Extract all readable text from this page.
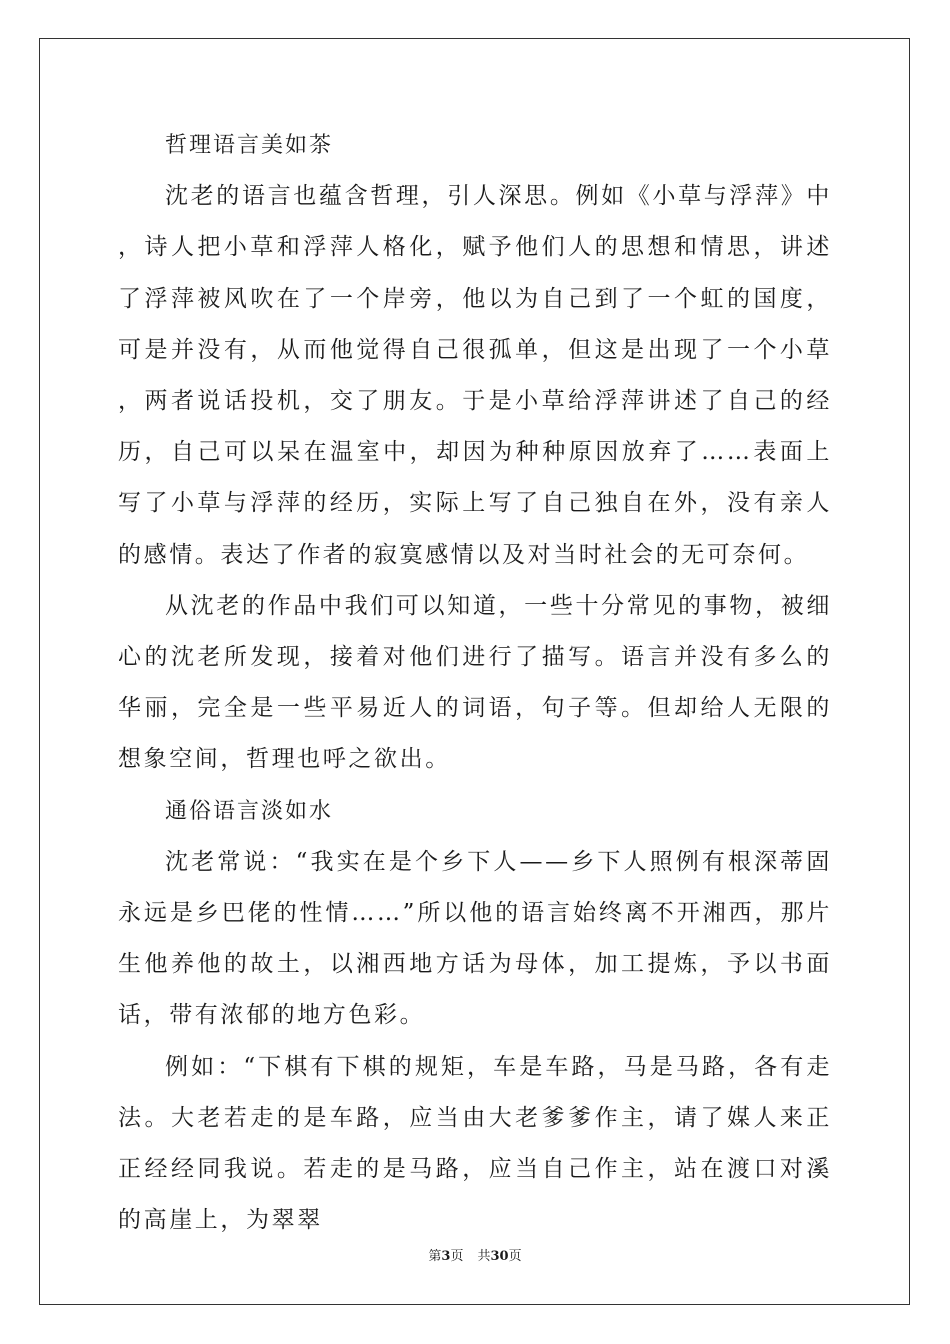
哲理语言美如茶

沈老的语言也蕴含哲理，引人深思。例如《小草与浮萍》中，诗人把小草和浮萍人格化，赋予他们人的思想和情思，讲述了浮萍被风吹在了一个岸旁，他以为自己到了一个虹的国度，可是并没有，从而他觉得自己很孤单，但这是出现了一个小草，两者说话投机，交了朋友。于是小草给浮萍讲述了自己的经历，自己可以呆在温室中，却因为种种原因放弃了……表面上写了小草与浮萍的经历，实际上写了自己独自在外，没有亲人的感情。表达了作者的寂寞感情以及对当时社会的无可奈何。

从沈老的作品中我们可以知道，一些十分常见的事物，被细心的沈老所发现，接着对他们进行了描写。语言并没有多么的华丽，完全是一些平易近人的词语，句子等。但却给人无限的想象空间，哲理也呼之欲出。

通俗语言淡如水

沈老常说：“我实在是个乡下人——乡下人照例有根深蒂固永远是乡巴佬的性情……”所以他的语言始终离不开湘西，那片生他养他的故土，以湘西地方话为母体，加工提炼，予以书面话，带有浓郁的地方色彩。

例如：“下棋有下棋的规矩，车是车路，马是马路，各有走法。大老若走的是车路，应当由大老爹爹作主，请了媒人来正正经经同我说。若走的是马路，应当自己作主，站在渡口对溪的高崖上，为翠翠

第3页 共30页
